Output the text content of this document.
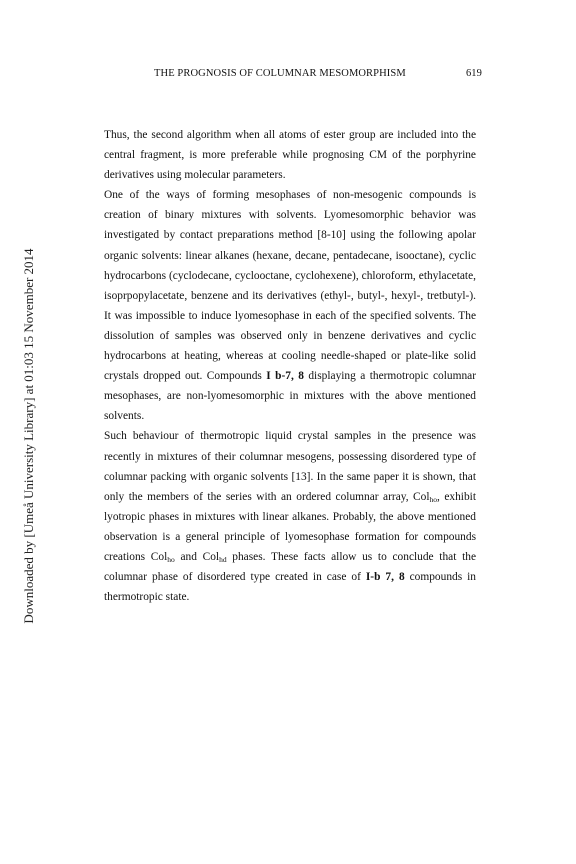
THE PROGNOSIS OF COLUMNAR MESOMORPHISM	619
Downloaded by [Umeå University Library] at 01:03 15 November 2014

Thus, the second algorithm when all atoms of ester group are included into the central fragment, is more preferable while prognosing CM of the porphyrine derivatives using molecular parameters.

One of the ways of forming mesophases of non-mesogenic compounds is creation of binary mixtures with solvents. Lyomesomorphic behavior was investigated by contact preparations method [8-10] using the following apolar organic solvents: linear alkanes (hexane, decane, pentadecane, isooctane), cyclic hydrocarbons (cyclodecane, cyclooctane, cyclohexene), chloroform, ethylacetate, isoprpopylacetate, benzene and its derivatives (ethyl-, butyl-, hexyl-, tretbutyl-). It was impossible to induce lyomesophase in each of the specified solvents. The dissolution of samples was observed only in benzene derivatives and cyclic hydrocarbons at heating, whereas at cooling needle-shaped or plate-like solid crystals dropped out. Compounds I b-7, 8 displaying a thermotropic columnar mesophases, are non-lyomesomorphic in mixtures with the above mentioned solvents.

Such behaviour of thermotropic liquid crystal samples in the presence was recently in mixtures of their columnar mesogens, possessing disordered type of columnar packing with organic solvents [13]. In the same paper it is shown, that only the members of the series with an ordered columnar array, Col$_{ho}$, exhibit lyotropic phases in mixtures with linear alkanes. Probably, the above mentioned observation is a general principle of lyomesophase formation for compounds creations Col$_{ho}$ and Col$_{hd}$ phases. These facts allow us to conclude that the columnar phase of disordered type created in case of I-b 7, 8 compounds in thermotropic state.
